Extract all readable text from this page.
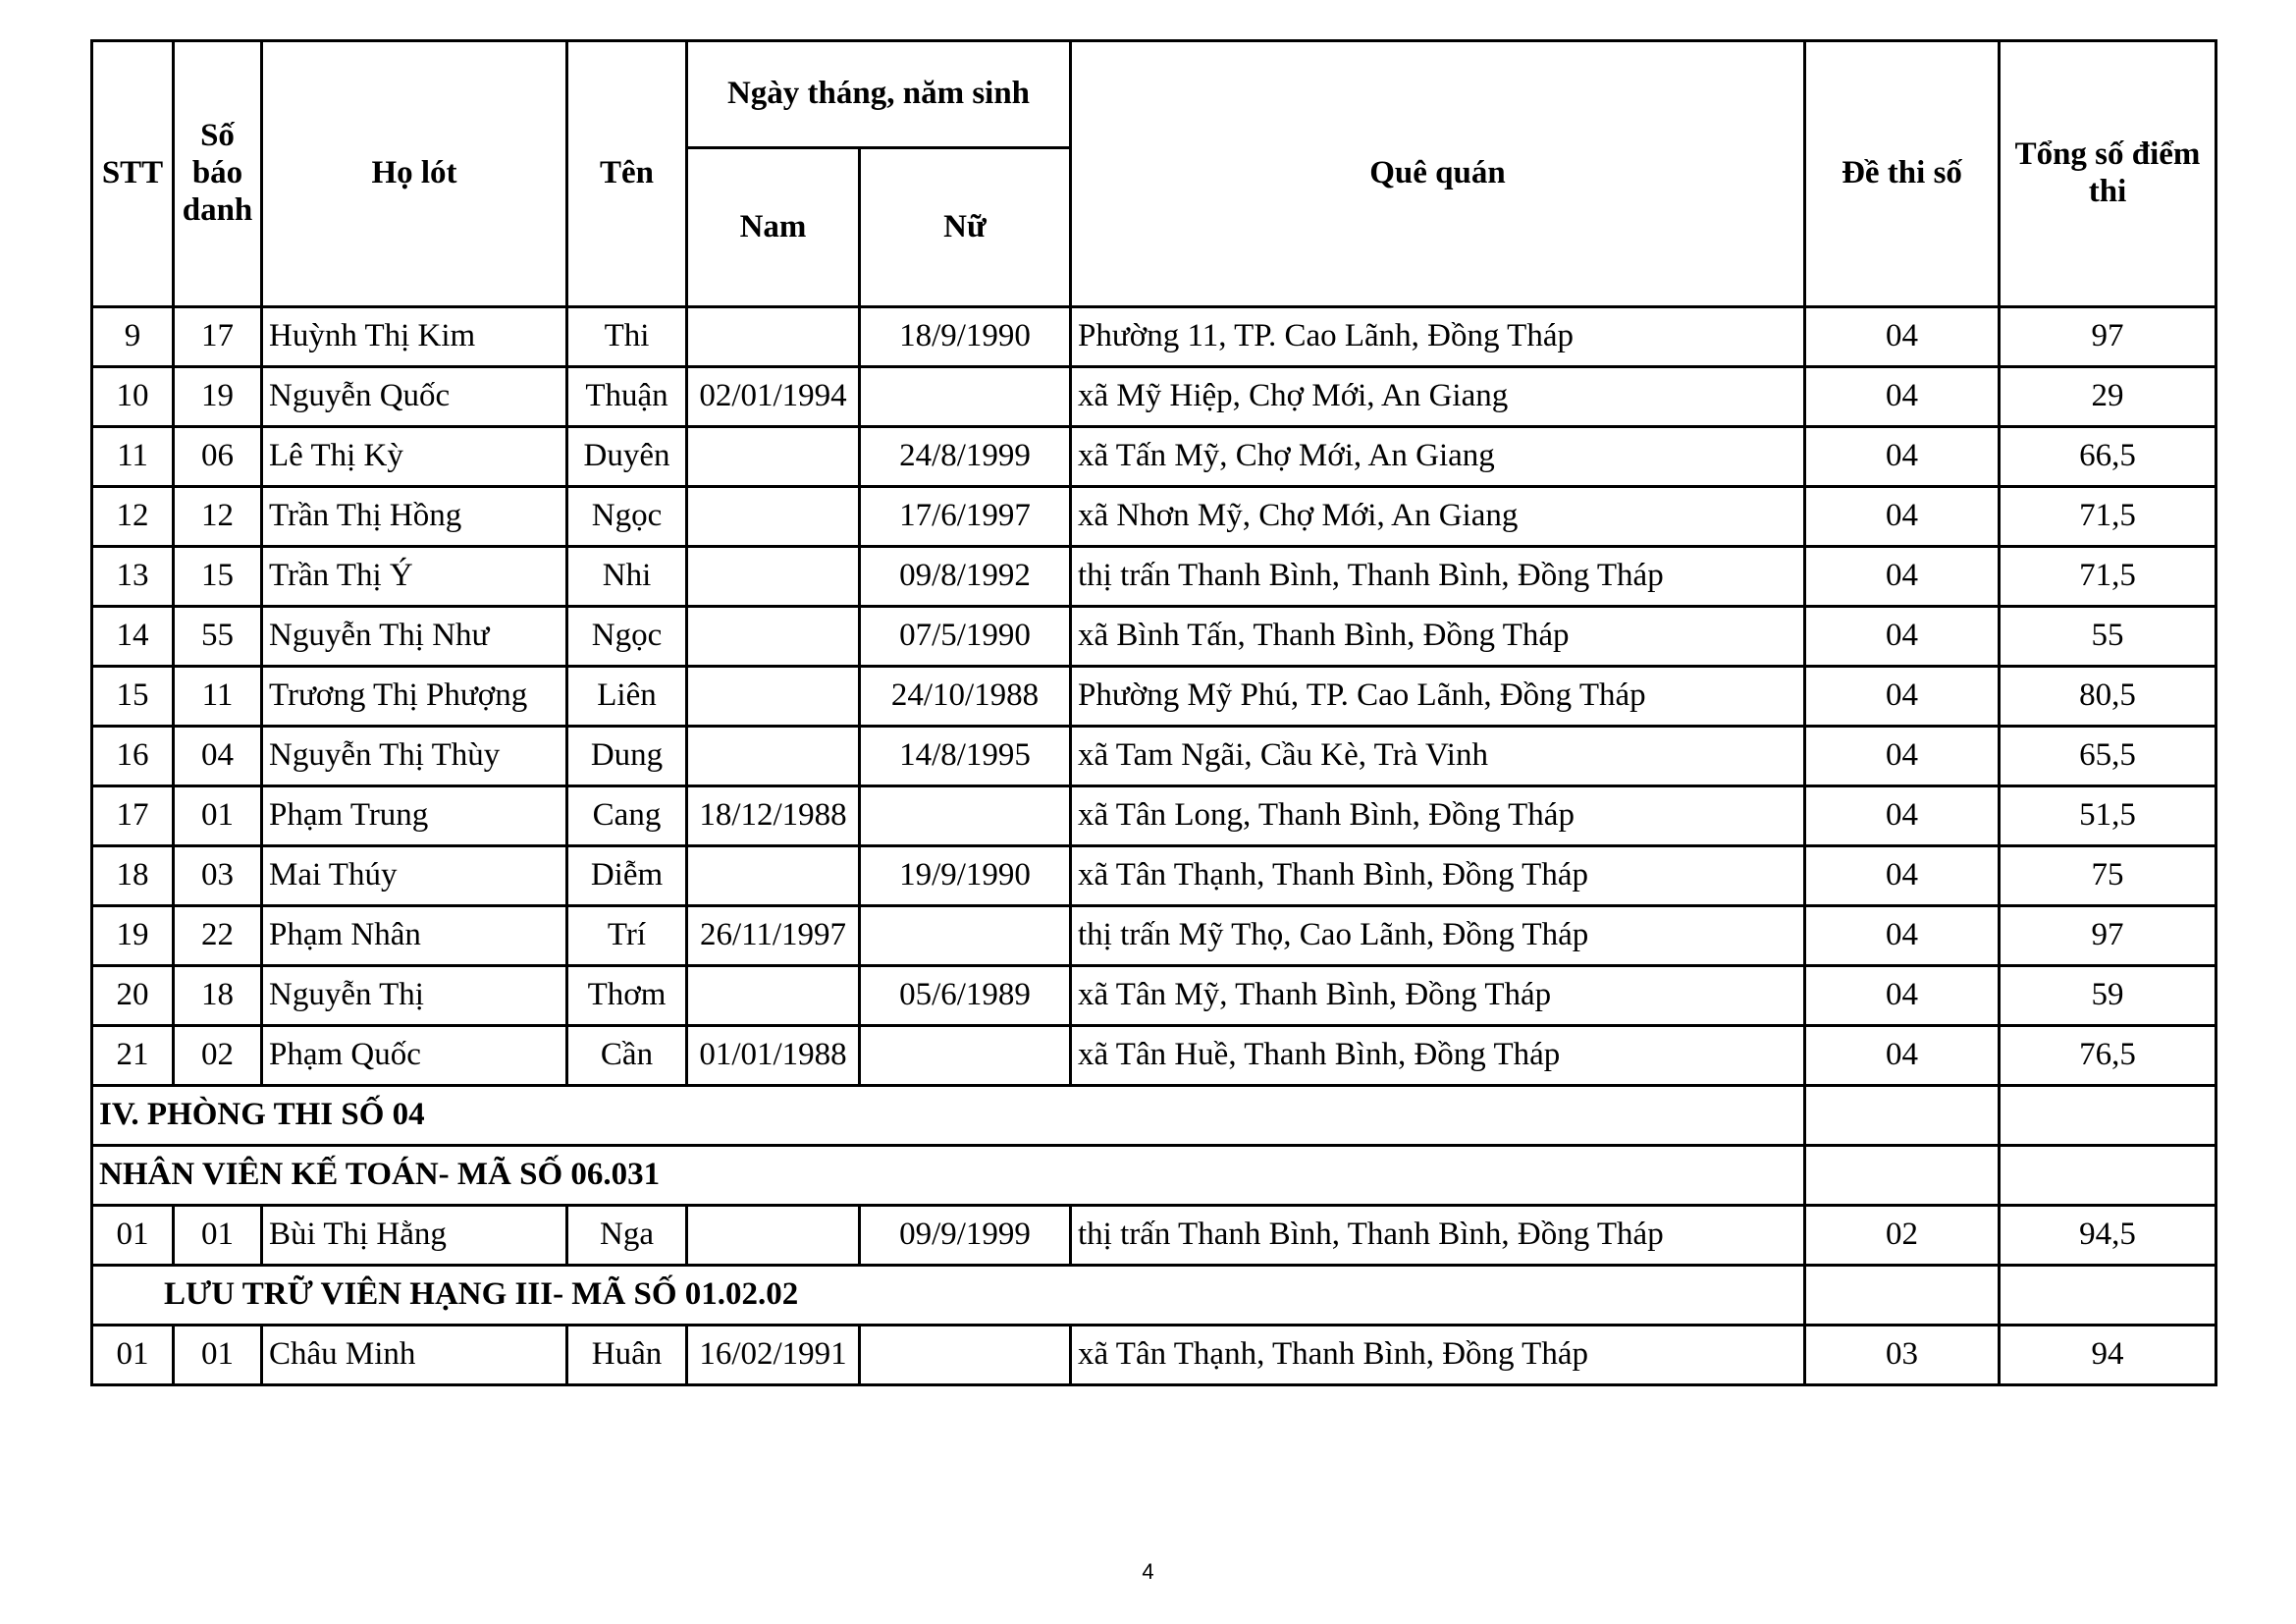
STT	Số báo danh	Họ lót	Tên	Ngày tháng, năm sinh		Quê quán	Đề thi số	Tổng số điểm thi
				Nam	Nữ			
9	17	Huỳnh Thị Kim	Thi		18/9/1990	Phường 11, TP. Cao Lãnh, Đồng Tháp	04	97
10	19	Nguyễn Quốc	Thuận	02/01/1994		xã Mỹ Hiệp, Chợ Mới, An Giang	04	29
11	06	Lê Thị Kỳ	Duyên		24/8/1999	xã Tấn Mỹ, Chợ Mới, An Giang	04	66,5
12	12	Trần Thị Hồng	Ngọc		17/6/1997	xã Nhơn Mỹ, Chợ Mới, An Giang	04	71,5
13	15	Trần Thị Ý	Nhi		09/8/1992	thị trấn Thanh Bình, Thanh Bình, Đồng Tháp	04	71,5
14	55	Nguyễn Thị Như	Ngọc		07/5/1990	xã Bình Tấn, Thanh Bình, Đồng Tháp	04	55
15	11	Trương Thị Phượng	Liên		24/10/1988	Phường Mỹ Phú, TP. Cao Lãnh, Đồng Tháp	04	80,5
16	04	Nguyễn Thị Thùy	Dung		14/8/1995	xã Tam Ngãi, Cầu Kè, Trà Vinh	04	65,5
17	01	Phạm Trung	Cang	18/12/1988		xã Tân Long, Thanh Bình, Đồng Tháp	04	51,5
18	03	Mai Thúy	Diễm		19/9/1990	xã Tân Thạnh, Thanh Bình, Đồng Tháp	04	75
19	22	Phạm Nhân	Trí	26/11/1997		thị trấn Mỹ Thọ, Cao Lãnh, Đồng Tháp	04	97
20	18	Nguyễn Thị	Thơm		05/6/1989	xã Tân Mỹ, Thanh Bình, Đồng Tháp	04	59
21	02	Phạm Quốc	Cần	01/01/1988		xã Tân Huề, Thanh Bình, Đồng Tháp	04	76,5
IV. PHÒNG THI SỐ 04								
NHÂN VIÊN KẾ TOÁN- MÃ SỐ 06.031								
01	01	Bùi Thị Hằng	Nga		09/9/1999	thị trấn Thanh Bình, Thanh Bình, Đồng Tháp	02	94,5
LƯU TRỮ VIÊN HẠNG III- MÃ SỐ 01.02.02								
01	01	Châu Minh	Huân	16/02/1991		xã Tân Thạnh, Thanh Bình, Đồng Tháp	03	94
4
